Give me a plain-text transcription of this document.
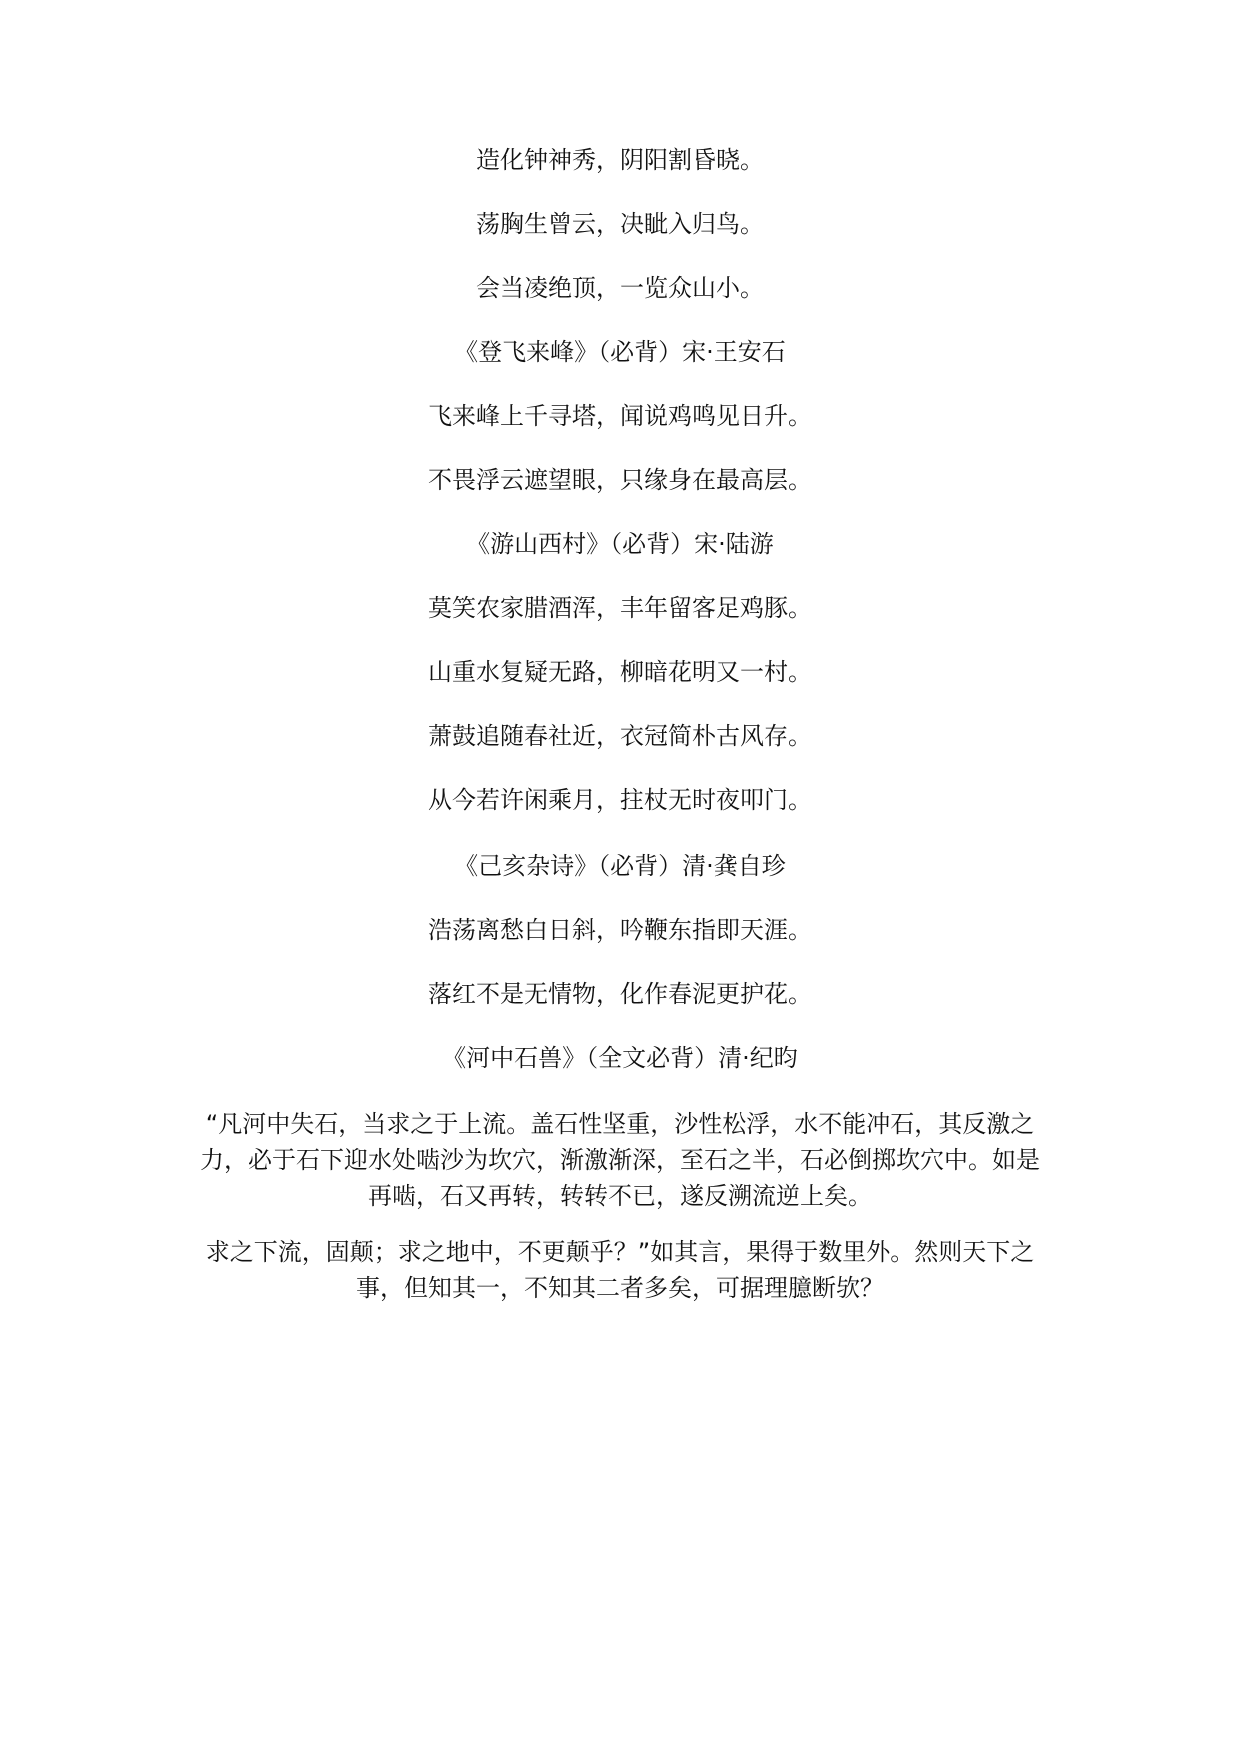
造化钟神秀，阴阳割昏晓。

荡胸生曾云，决眦入归鸟。

会当凌绝顶，一览众山小。

《登飞来峰》（必背）宋·王安石

飞来峰上千寻塔，闻说鸡鸣见日升。

不畏浮云遮望眼，只缘身在最高层。

《游山西村》（必背）宋·陆游

莫笑农家腊酒浑，丰年留客足鸡豚。

山重水复疑无路，柳暗花明又一村。

萧鼓追随春社近，衣冠简朴古风存。

从今若许闲乘月，拄杖无时夜叩门。

《己亥杂诗》（必背）清·龚自珍

浩荡离愁白日斜，吟鞭东指即天涯。

落红不是无情物，化作春泥更护花。

《河中石兽》（全文必背）清·纪昀

“凡河中失石，当求之于上流。盖石性坚重，沙性松浮，水不能冲石，其反激之
力，必于石下迎水处啮沙为坎穴，渐激渐深，至石之半，石必倒掷坎穴中。如是
再啮，石又再转，转转不已，遂反溯流逆上矣。

求之下流，固颠；求之地中，不更颠乎？”如其言，果得于数里外。然则天下之
事，但知其一，不知其二者多矣，可据理臆断欤？
